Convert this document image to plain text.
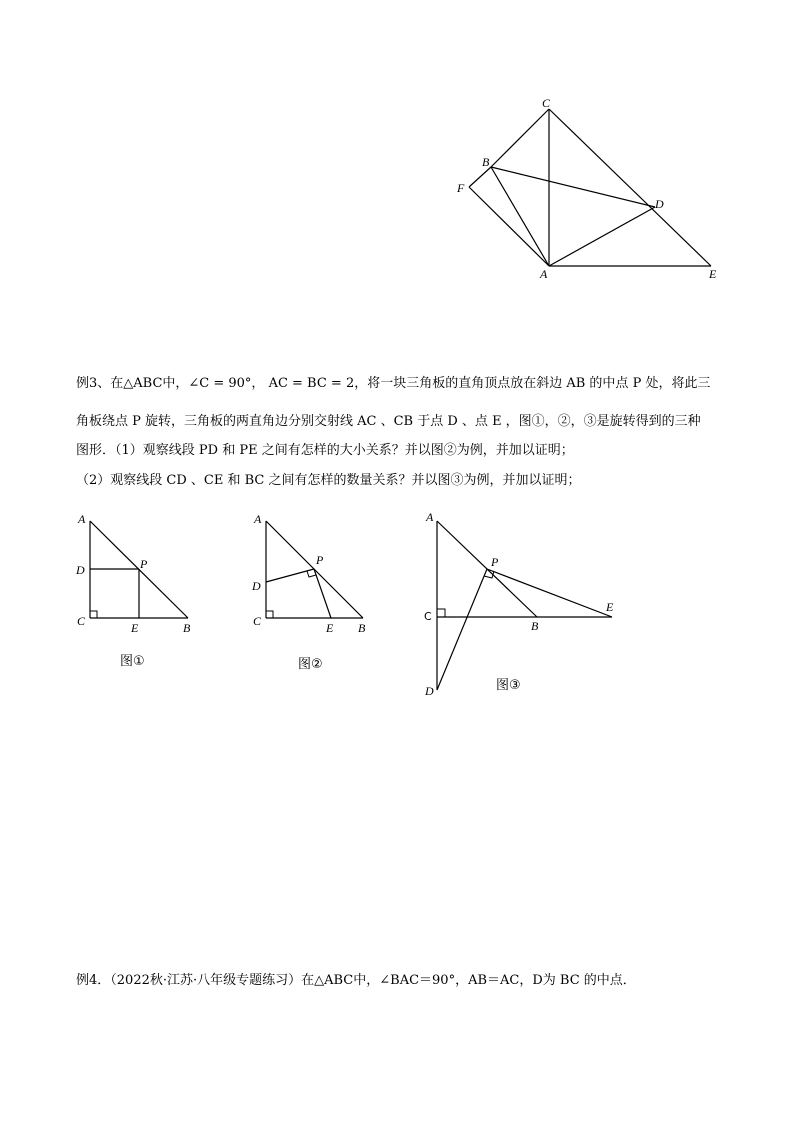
C
B
F
D
A	E
例3、在△ABC中，∠C = 90°， AC = BC = 2，将一块三角板的直角顶点放在斜边 AB 的中点 P 处，将此三
角板绕点 P 旋转，三角板的两直角边分别交射线 AC 、CB 于点 D 、点 E ，图①，②，③是旋转得到的三种
图形．（1）观察线段 PD 和 PE 之间有怎样的大小关系？并以图②为例，并加以证明；
（2）观察线段 CD 、CE 和 BC 之间有怎样的数量关系？并以图③为例，并加以证明；
A
D	P
C	E	B
图①
A
P
D
C	E B
图②
A
P
C
E
B
D	图③
例4．（2022秋·江苏·八年级专题练习）在△ABC中，∠BAC＝90°，AB＝AC，D为 BC 的中点．
